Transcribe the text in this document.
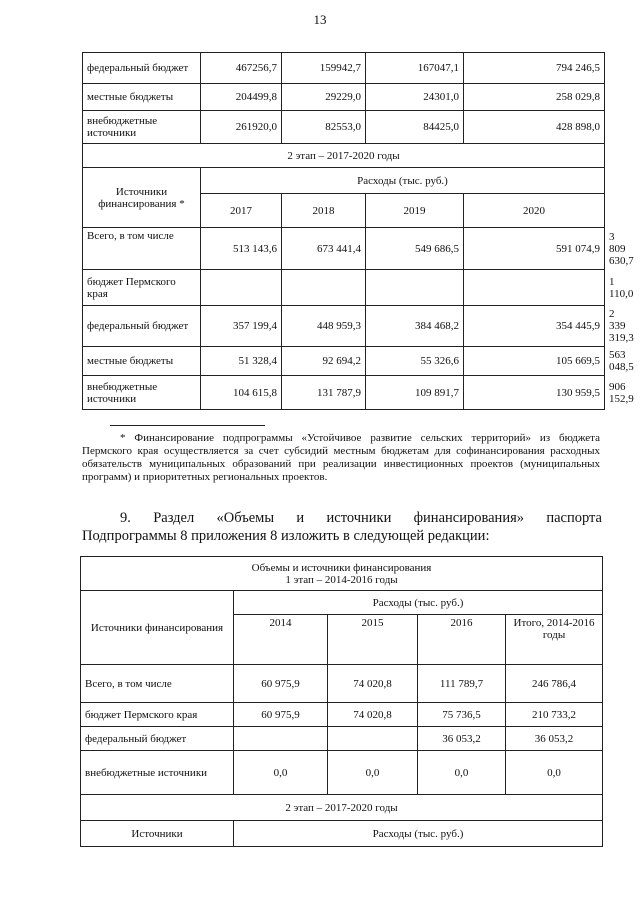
13
федеральный бюджет	467256,7	159942,7	167047,1	794 246,5	
местные бюджеты	204499,8	29229,0	24301,0	258 029,8	
внебюджетные источники	261920,0	82553,0	84425,0	428 898,0	
2 этап – 2017-2020 годы					
Источники финансирования *	Расходы (тыс. руб.)				
	2017	2018	2019	2020	
Всего, в том числе	513 143,6	673 441,4	549 686,5	591 074,9	3 809 630,7
бюджет Пермского края					1 110,0
федеральный бюджет	357 199,4	448 959,3	384 468,2	354 445,9	2 339 319,3
местные бюджеты	51 328,4	92 694,2	55 326,6	105 669,5	563 048,5
внебюджетные источники	104 615,8	131 787,9	109 891,7	130 959,5	906 152,9
* Финансирование подпрограммы «Устойчивое развитие сельских территорий» из бюджета Пермского края осуществляется за счет субсидий местным бюджетам для софинансирования расходных обязательств муниципальных образований при реализации инвестиционных проектов (муниципальных программ) и приоритетных региональных проектов.
9. Раздел «Объемы и источники финансирования» паспорта
Подпрограммы 8 приложения 8 изложить в следующей редакции:
Объемы и источники финансирования
1 этап – 2014-2016 годы				

Источники финансирования	Расходы (тыс. руб.)			
	2014	2015	2016	Итого, 2014-2016 годы
Всего, в том числе	60 975,9	74 020,8	111 789,7	246 786,4
бюджет Пермского края	60 975,9	74 020,8	75 736,5	210 733,2
федеральный бюджет			36 053,2	36 053,2
внебюджетные источники	0,0	0,0	0,0	0,0
2 этап – 2017-2020 годы				
Источники	Расходы (тыс. руб.)			
